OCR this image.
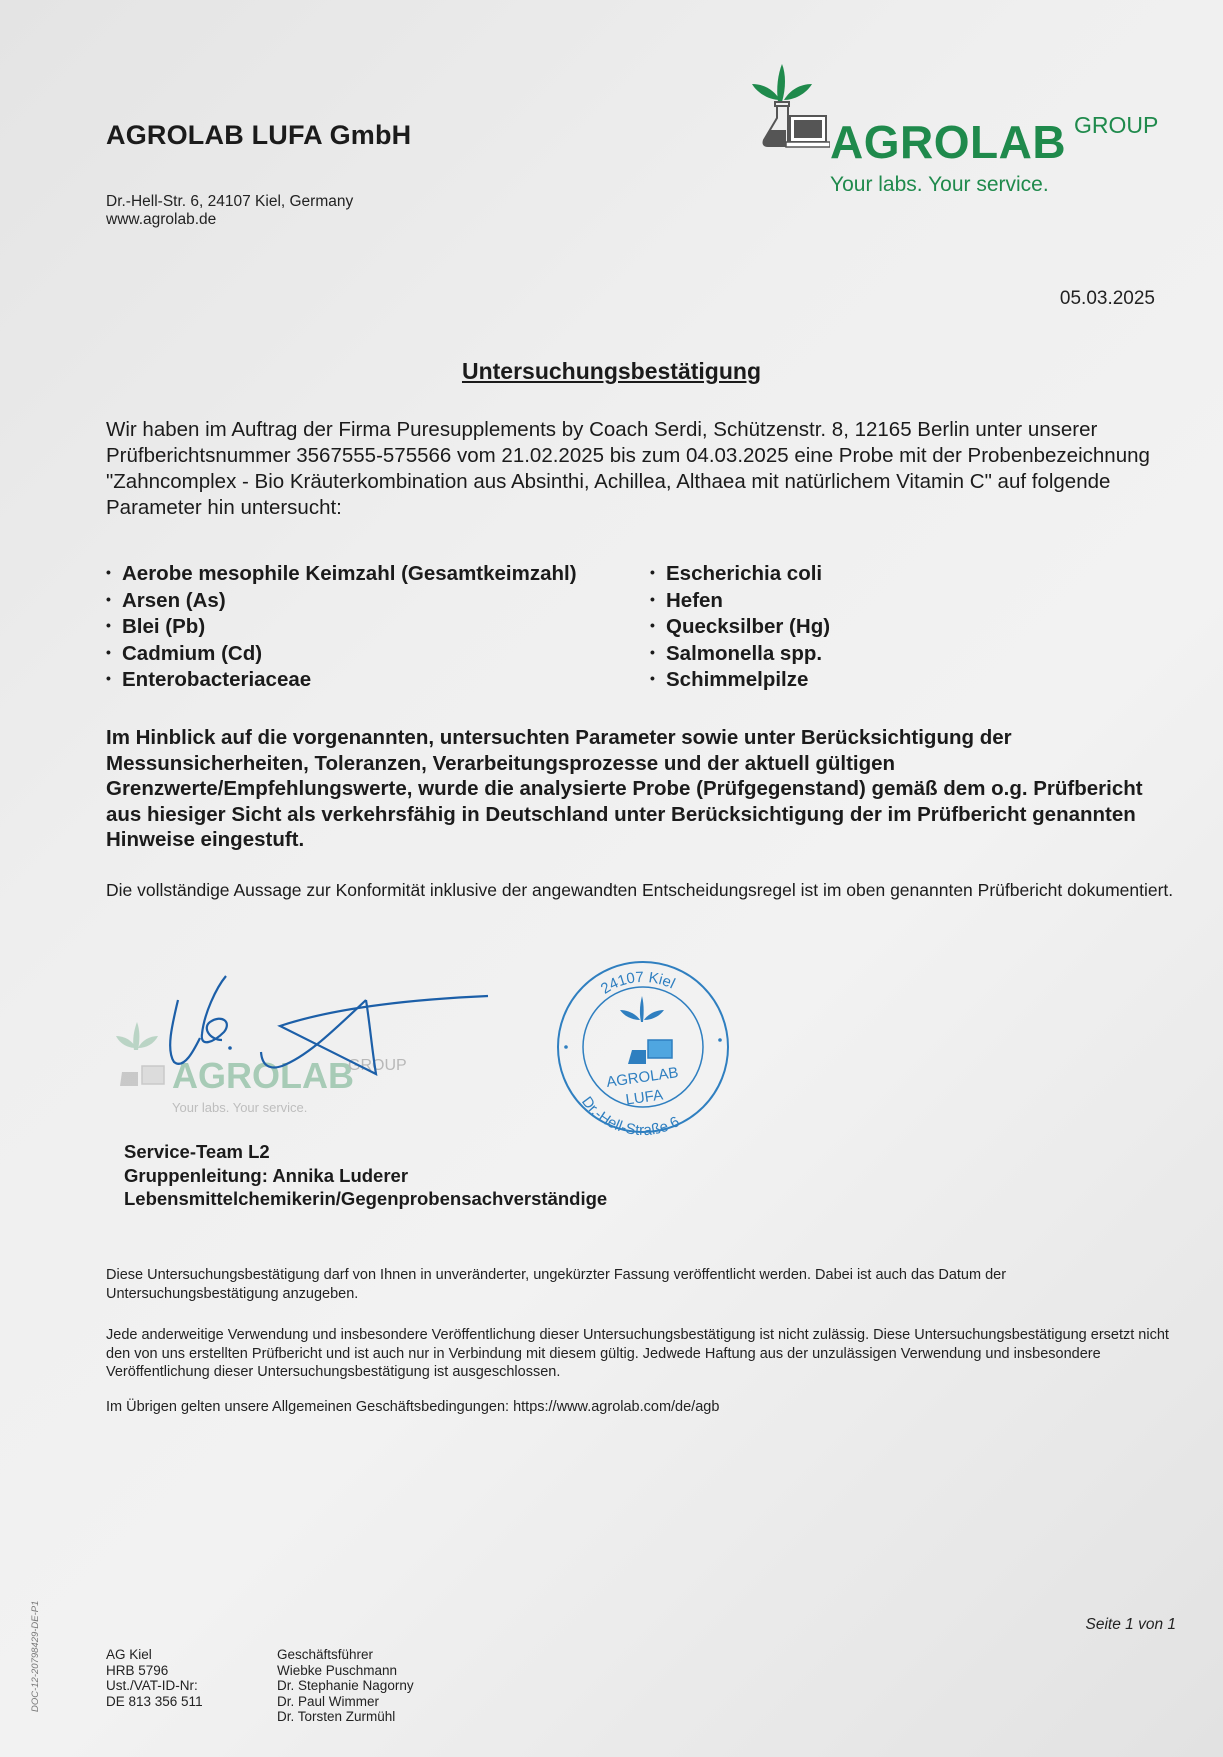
AGROLAB LUFA GmbH
Dr.-Hell-Str. 6, 24107 Kiel, Germany
www.agrolab.de
AGROLAB GROUP
Your labs. Your service.
05.03.2025
Untersuchungsbestätigung
Wir haben im Auftrag der Firma Puresupplements by Coach Serdi, Schützenstr. 8, 12165 Berlin unter unserer Prüfberichtsnummer 3567555-575566 vom 21.02.2025 bis zum 04.03.2025 eine Probe mit der Probenbezeichnung "Zahncomplex - Bio Kräuterkombination aus Absinthi, Achillea, Althaea mit natürlichem Vitamin C" auf folgende Parameter hin untersucht:
• Aerobe mesophile Keimzahl (Gesamtkeimzahl)
• Arsen (As)
• Blei (Pb)
• Cadmium (Cd)
• Enterobacteriaceae
• Escherichia coli
• Hefen
• Quecksilber (Hg)
• Salmonella spp.
• Schimmelpilze
Im Hinblick auf die vorgenannten, untersuchten Parameter sowie unter Berücksichtigung der Messunsicherheiten, Toleranzen, Verarbeitungsprozesse und der aktuell gültigen Grenzwerte/Empfehlungswerte, wurde die analysierte Probe (Prüfgegenstand) gemäß dem o.g. Prüfbericht aus hiesiger Sicht als verkehrsfähig in Deutschland unter Berücksichtigung der im Prüfbericht genannten Hinweise eingestuft.
Die vollständige Aussage zur Konformität inklusive der angewandten Entscheidungsregel ist im oben genannten Prüfbericht dokumentiert.
AGROLAB
GROUP
Your labs. Your service.
24107 Kiel
Dr.-Hell-Straße 6
AGROLAB
LUFA
Service-Team L2
Gruppenleitung: Annika Luderer
Lebensmittelchemikerin/Gegenprobensachverständige
Diese Untersuchungsbestätigung darf von Ihnen in unveränderter, ungekürzter Fassung veröffentlicht werden. Dabei ist auch das Datum der Untersuchungsbestätigung anzugeben.
Jede anderweitige Verwendung und insbesondere Veröffentlichung dieser Untersuchungsbestätigung ist nicht zulässig. Diese Untersuchungsbestätigung ersetzt nicht den von uns erstellten Prüfbericht und ist auch nur in Verbindung mit diesem gültig. Jedwede Haftung aus der unzulässigen Verwendung und insbesondere Veröffentlichung dieser Untersuchungsbestätigung ist ausgeschlossen.
Im Übrigen gelten unsere Allgemeinen Geschäftsbedingungen: https://www.agrolab.com/de/agb
DOC-12-20798429-DE-P1	Seite 1 von 1
AG Kiel
HRB 5796
Ust./VAT-ID-Nr:
DE 813 356 511
Geschäftsführer
Wiebke Puschmann
Dr. Stephanie Nagorny
Dr. Paul Wimmer
Dr. Torsten Zurmühl
